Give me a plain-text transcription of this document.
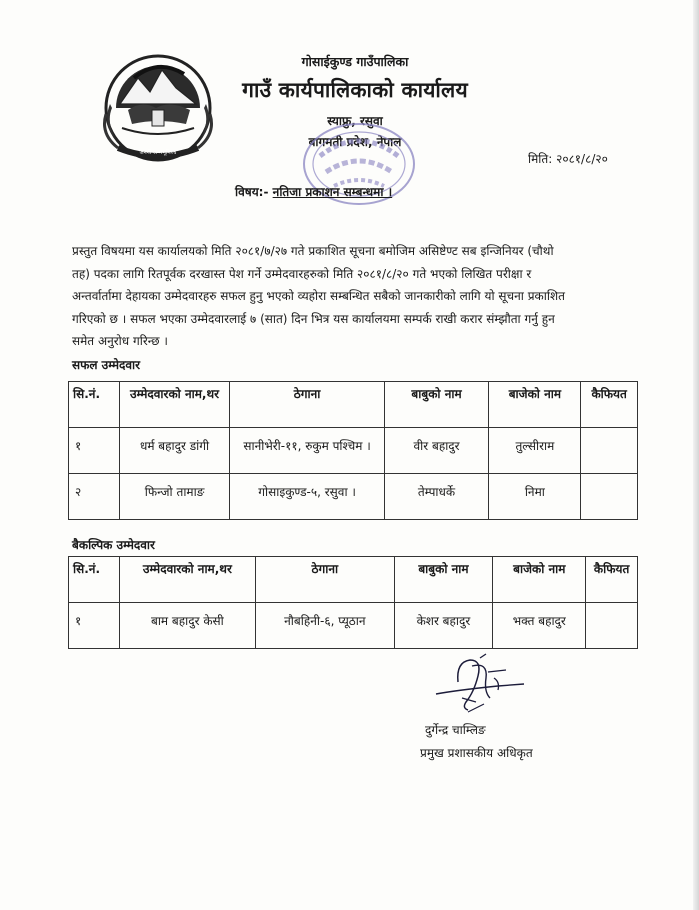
जननी जन्मभूमिश्च
गोसाईकुण्ड गाउँपालिका
गाउँ कार्यपालिकाको कार्यालय
स्याफ्रु, रसुवा
बागमती प्रदेश, नेपाल
मिति: २०८१/८/२०
विषय:- नतिजा प्रकाशन सम्बन्धमा ।

प्रस्तुत विषयमा यस कार्यालयको मिति २०८१/७/२७ गते प्रकाशित सूचना बमोजिम असिष्टेण्ट सब इन्जिनियर (चौथो

तह) पदका लागि रितपूर्वक दरखास्त पेश गर्ने उम्मेदवारहरुको मिति २०८१/८/२० गते भएको लिखित परीक्षा र

अन्तर्वार्तामा देहायका उम्मेदवारहरु सफल हुनु भएको व्यहोरा सम्बन्धित सबैको जानकारीको लागि यो सूचना प्रकाशित

गरिएको छ । सफल भएका उम्मेदवारलाई ७ (सात) दिन भित्र यस कार्यालयमा सम्पर्क राखी करार संम्झौता गर्नु हुन

समेत अनुरोध गरिन्छ ।

सफल उम्मेदवार
सि.नं.	उम्मेदवारको नाम,थर	ठेगाना	बाबुको नाम	बाजेको नाम	कैफियत
१	धर्म बहादुर डांगी	सानीभेरी-११, रुकुम पश्चिम ।	वीर बहादुर	तुल्सीराम	
२	फिन्जो तामाङ	गोसाइकुण्ड-५, रसुवा ।	तेम्पाधर्के	निमा	
बैकल्पिक उम्मेदवार
सि.नं.	उम्मेदवारको नाम,थर	ठेगाना	बाबुको नाम	बाजेको नाम	कैफियत
१	बाम बहादुर केसी	नौबहिनी-६, प्यूठान	केशर बहादुर	भक्त बहादुर	
दुर्गेन्द्र चाम्लिङ
प्रमुख प्रशासकीय अधिकृत
